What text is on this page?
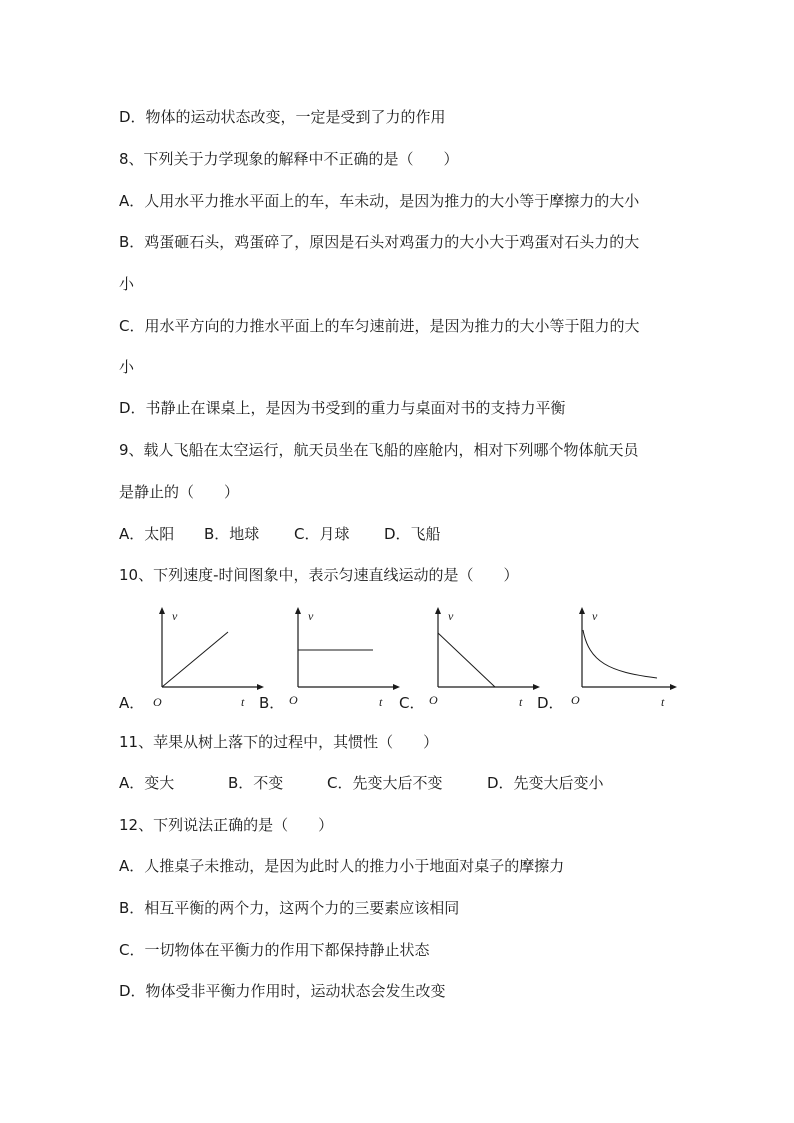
D．物体的运动状态改变，一定是受到了力的作用
8、下列关于力学现象的解释中不正确的是（　　）
A．人用水平力推水平面上的车，车未动，是因为推力的大小等于摩擦力的大小
B．鸡蛋砸石头，鸡蛋碎了，原因是石头对鸡蛋力的大小大于鸡蛋对石头力的大
小
C．用水平方向的力推水平面上的车匀速前进，是因为推力的大小等于阻力的大
小
D．书静止在课桌上，是因为书受到的重力与桌面对书的支持力平衡
9、载人飞船在太空运行，航天员坐在飞船的座舱内，相对下列哪个物体航天员
是静止的（　　）
A．太阳 B．地球 C．月球 D．飞船
10、下列速度-时间图象中，表示匀速直线运动的是（　　）
A．
v
O	t B．
v
O	t C．
v
O	t D．
v
O	t
11、苹果从树上落下的过程中，其惯性（　　）
A．变大	B．不变	C．先变大后不变	D．先变大后变小
12、下列说法正确的是（　　）
A．人推桌子未推动，是因为此时人的推力小于地面对桌子的摩擦力
B．相互平衡的两个力，这两个力的三要素应该相同
C．一切物体在平衡力的作用下都保持静止状态
D．物体受非平衡力作用时，运动状态会发生改变
